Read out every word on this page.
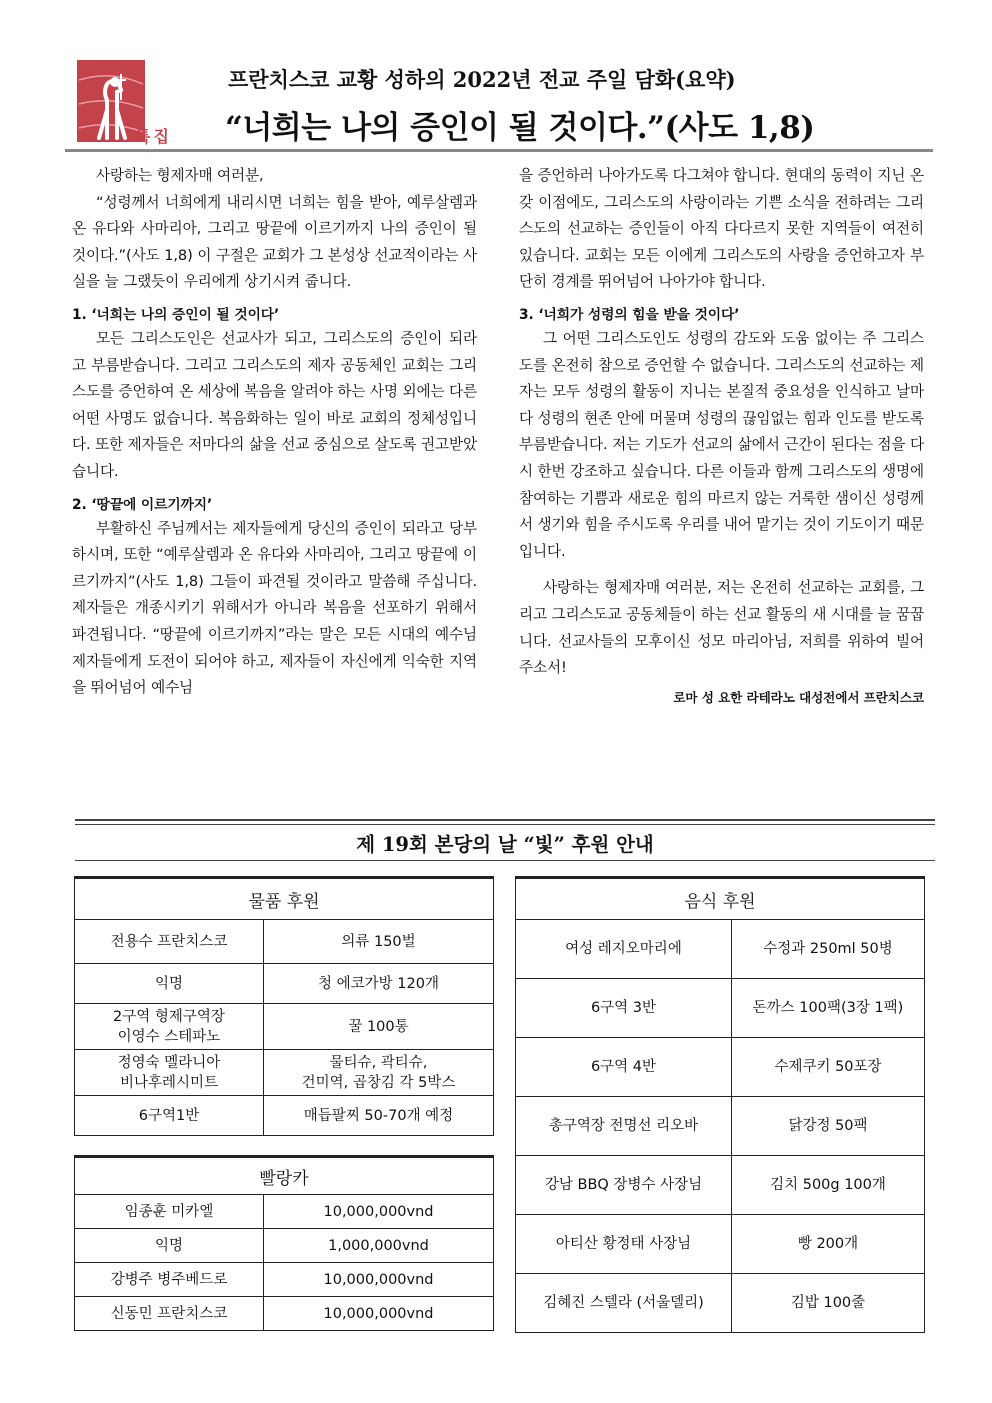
특집
프란치스코 교황 성하의 2022년 전교 주일 담화(요약)
“너희는 나의 증인이 될 것이다.”(사도 1,8)

사랑하는 형제자매 여러분,

“성령께서 너희에게 내리시면 너희는 힘을 받아, 예루살렘과 온 유다와 사마리아, 그리고 땅끝에 이르기까지 나의 증인이 될 것이다.”(사도 1,8) 이 구절은 교회가 그 본성상 선교적이라는 사실을 늘 그랬듯이 우리에게 상기시켜 줍니다.

1. ‘너희는 나의 증인이 될 것이다’

모든 그리스도인은 선교사가 되고, 그리스도의 증인이 되라고 부름받습니다. 그리고 그리스도의 제자 공동체인 교회는 그리스도를 증언하여 온 세상에 복음을 알려야 하는 사명 외에는 다른 어떤 사명도 없습니다. 복음화하는 일이 바로 교회의 정체성입니다. 또한 제자들은 저마다의 삶을 선교 중심으로 살도록 권고받았습니다.

2. ‘땅끝에 이르기까지’

부활하신 주님께서는 제자들에게 당신의 증인이 되라고 당부하시며, 또한 “예루살렘과 온 유다와 사마리아, 그리고 땅끝에 이르기까지”(사도 1,8) 그들이 파견될 것이라고 말씀해 주십니다. 제자들은 개종시키기 위해서가 아니라 복음을 선포하기 위해서 파견됩니다. “땅끝에 이르기까지”라는 말은 모든 시대의 예수님 제자들에게 도전이 되어야 하고, 제자들이 자신에게 익숙한 지역을 뛰어넘어 예수님

을 증언하러 나아가도록 다그쳐야 합니다. 현대의 동력이 지닌 온갖 이점에도, 그리스도의 사랑이라는 기쁜 소식을 전하려는 그리스도의 선교하는 증인들이 아직 다다르지 못한 지역들이 여전히 있습니다. 교회는 모든 이에게 그리스도의 사랑을 증언하고자 부단히 경계를 뛰어넘어 나아가야 합니다.

3. ‘너희가 성령의 힘을 받을 것이다’

그 어떤 그리스도인도 성령의 감도와 도움 없이는 주 그리스도를 온전히 참으로 증언할 수 없습니다. 그리스도의 선교하는 제자는 모두 성령의 활동이 지니는 본질적 중요성을 인식하고 날마다 성령의 현존 안에 머물며 성령의 끊임없는 힘과 인도를 받도록 부름받습니다. 저는 기도가 선교의 삶에서 근간이 된다는 점을 다시 한번 강조하고 싶습니다. 다른 이들과 함께 그리스도의 생명에 참여하는 기쁨과 새로운 힘의 마르지 않는 거룩한 샘이신 성령께서 생기와 힘을 주시도록 우리를 내어 맡기는 것이 기도이기 때문입니다.

사랑하는 형제자매 여러분, 저는 온전히 선교하는 교회를, 그리고 그리스도교 공동체들이 하는 선교 활동의 새 시대를 늘 꿈꿉니다. 선교사들의 모후이신 성모 마리아님, 저희를 위하여 빌어 주소서!

로마 성 요한 라테라노 대성전에서 프란치스코
제 19회 본당의 날 “빛” 후원 안내
물품 후원	
전용수 프란치스코	의류 150벌
익명	청 에코가방 120개
2구역 형제구역장
이영수 스테파노	꿀 100통
정영숙 멜라니아
비나후레시미트	물티슈, 곽티슈,
건미역, 곱창김 각 5박스
6구역1반	매듭팔찌 50-70개 예정
빨랑카	
임종훈 미카엘	10,000,000vnd
익명	1,000,000vnd
강병주 병주베드로	10,000,000vnd
신동민 프란치스코	10,000,000vnd
음식 후원	
여성 레지오마리에	수정과 250ml 50병
6구역 3반	돈까스 100팩(3장 1팩)
6구역 4반	수제쿠키 50포장
총구역장 전명선 리오바	닭강정 50팩
강남 BBQ 장병수 사장님	김치 500g 100개
아티산 황정태 사장님	빵 200개
김혜진 스텔라 (서울델리)	김밥 100줄
